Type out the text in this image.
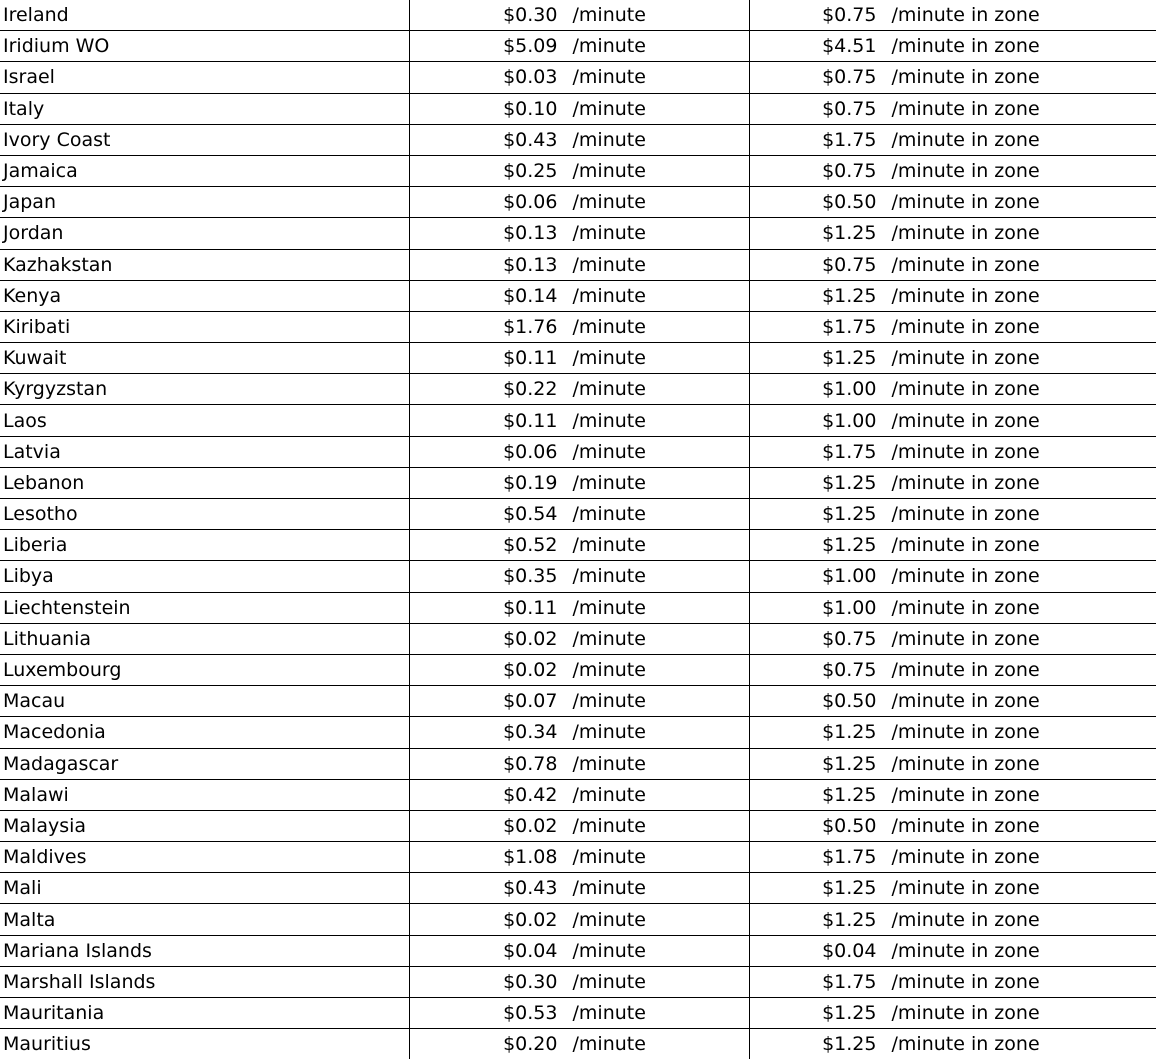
Ireland	$0.30 /minute	$0.75 /minute in zone
Iridium WO	$5.09 /minute	$4.51 /minute in zone
Israel	$0.03 /minute	$0.75 /minute in zone
Italy	$0.10 /minute	$0.75 /minute in zone
Ivory Coast	$0.43 /minute	$1.75 /minute in zone
Jamaica	$0.25 /minute	$0.75 /minute in zone
Japan	$0.06 /minute	$0.50 /minute in zone
Jordan	$0.13 /minute	$1.25 /minute in zone
Kazhakstan	$0.13 /minute	$0.75 /minute in zone
Kenya	$0.14 /minute	$1.25 /minute in zone
Kiribati	$1.76 /minute	$1.75 /minute in zone
Kuwait	$0.11 /minute	$1.25 /minute in zone
Kyrgyzstan	$0.22 /minute	$1.00 /minute in zone
Laos	$0.11 /minute	$1.00 /minute in zone
Latvia	$0.06 /minute	$1.75 /minute in zone
Lebanon	$0.19 /minute	$1.25 /minute in zone
Lesotho	$0.54 /minute	$1.25 /minute in zone
Liberia	$0.52 /minute	$1.25 /minute in zone
Libya	$0.35 /minute	$1.00 /minute in zone
Liechtenstein	$0.11 /minute	$1.00 /minute in zone
Lithuania	$0.02 /minute	$0.75 /minute in zone
Luxembourg	$0.02 /minute	$0.75 /minute in zone
Macau	$0.07 /minute	$0.50 /minute in zone
Macedonia	$0.34 /minute	$1.25 /minute in zone
Madagascar	$0.78 /minute	$1.25 /minute in zone
Malawi	$0.42 /minute	$1.25 /minute in zone
Malaysia	$0.02 /minute	$0.50 /minute in zone
Maldives	$1.08 /minute	$1.75 /minute in zone
Mali	$0.43 /minute	$1.25 /minute in zone
Malta	$0.02 /minute	$1.25 /minute in zone
Mariana Islands	$0.04 /minute	$0.04 /minute in zone
Marshall Islands	$0.30 /minute	$1.75 /minute in zone
Mauritania	$0.53 /minute	$1.25 /minute in zone
Mauritius	$0.20 /minute	$1.25 /minute in zone
